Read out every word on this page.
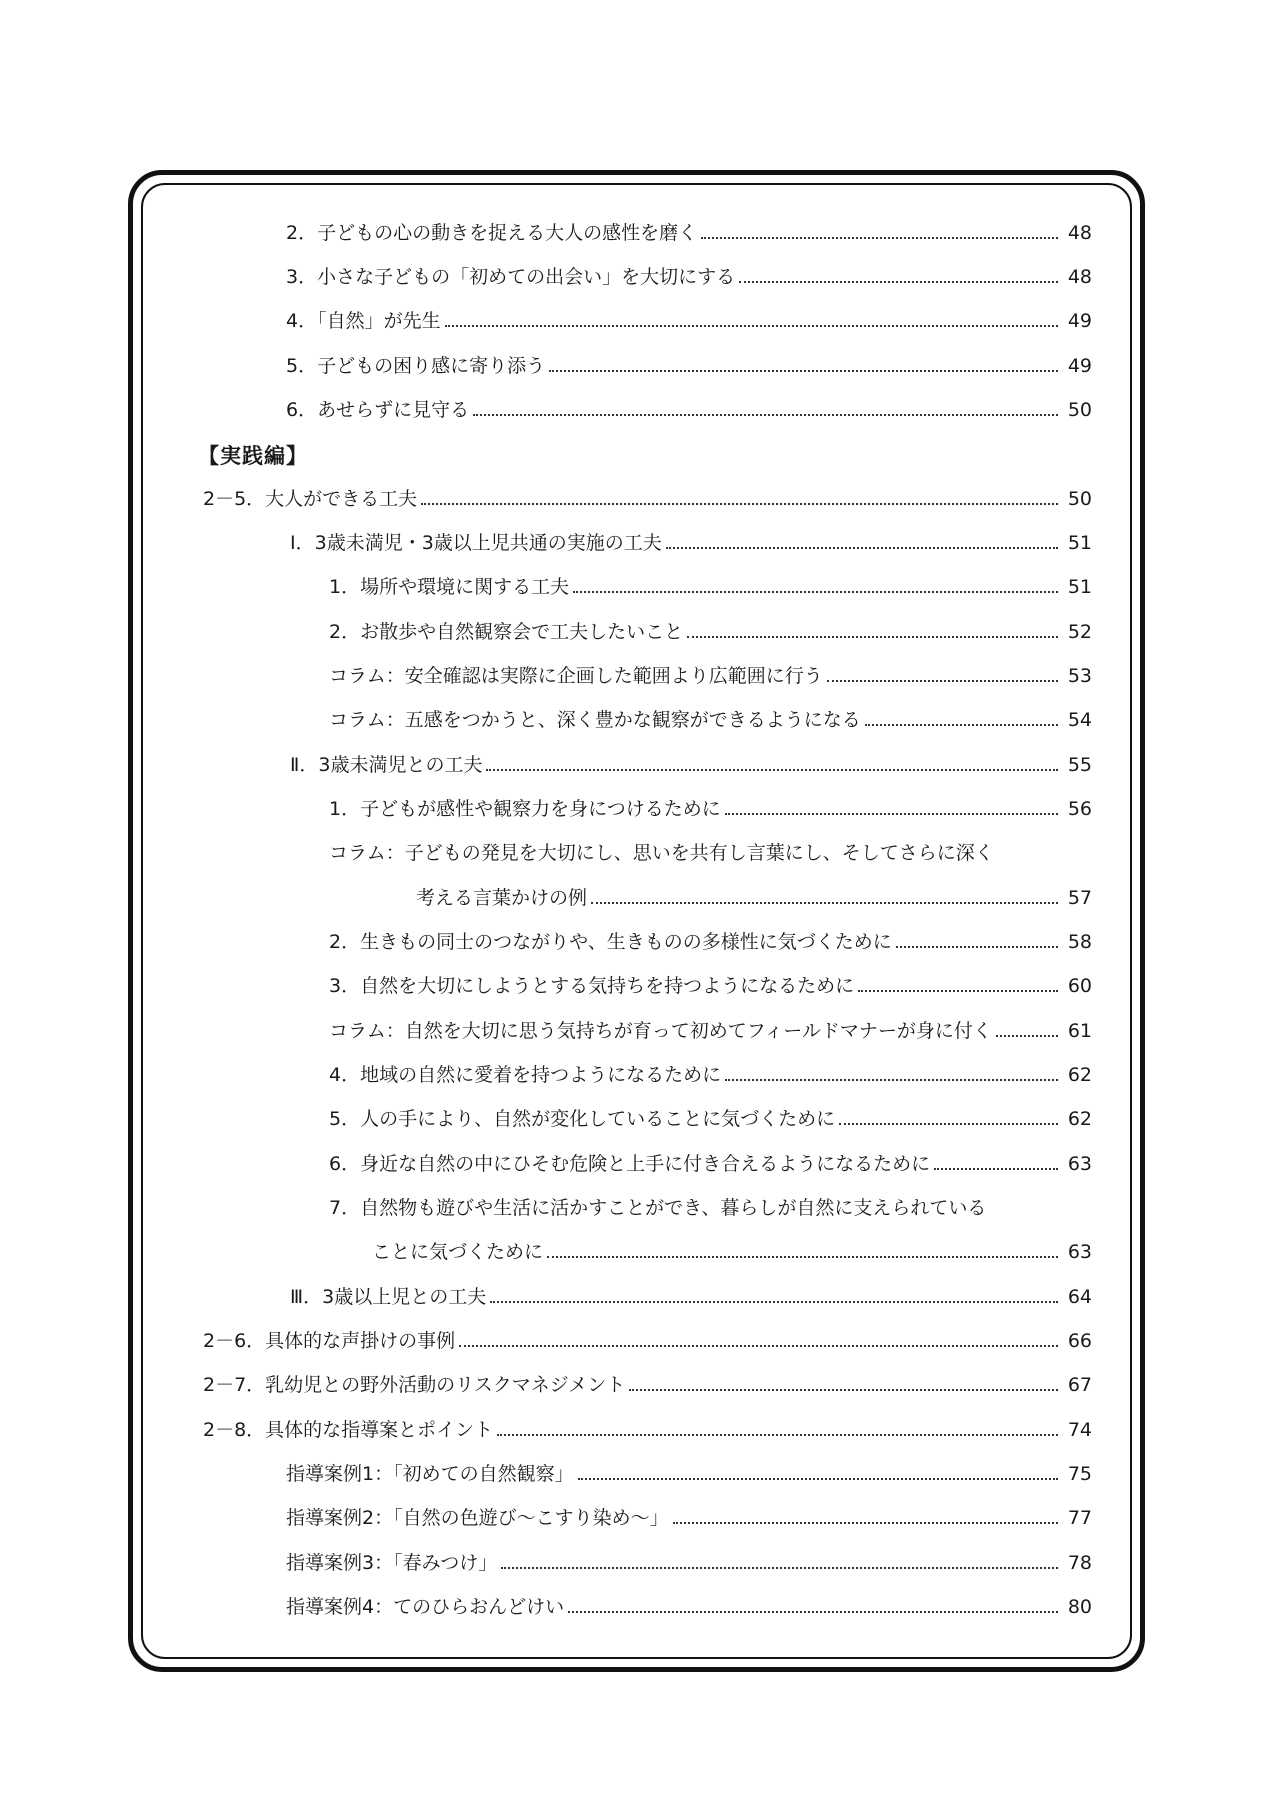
2．子どもの心の動きを捉える大人の感性を磨く	48
3．小さな子どもの「初めての出会い」を大切にする	48
4．「自然」が先生	49
5．子どもの困り感に寄り添う	49
6．あせらずに見守る	50
【実践編】
2－5．大人ができる工夫	50
Ⅰ．3歳未満児・3歳以上児共通の実施の工夫	51
1．場所や環境に関する工夫	51
2．お散歩や自然観察会で工夫したいこと	52
コラム：安全確認は実際に企画した範囲より広範囲に行う	53
コラム：五感をつかうと、深く豊かな観察ができるようになる	54
Ⅱ．3歳未満児との工夫	55
1．子どもが感性や観察力を身につけるために	56
コラム：子どもの発見を大切にし、思いを共有し言葉にし、そしてさらに深く
考える言葉かけの例	57
2．生きもの同士のつながりや、生きものの多様性に気づくために	58
3．自然を大切にしようとする気持ちを持つようになるために	60
コラム：自然を大切に思う気持ちが育って初めてフィールドマナーが身に付く	61
4．地域の自然に愛着を持つようになるために	62
5．人の手により、自然が変化していることに気づくために	62
6．身近な自然の中にひそむ危険と上手に付き合えるようになるために	63
7．自然物も遊びや生活に活かすことができ、暮らしが自然に支えられている
ことに気づくために	63
Ⅲ．3歳以上児との工夫	64
2－6．具体的な声掛けの事例	66
2－7．乳幼児との野外活動のリスクマネジメント	67
2－8．具体的な指導案とポイント	74
指導案例1：「初めての自然観察」	75
指導案例2：「自然の色遊び～こすり染め～」	77
指導案例3：「春みつけ」	78
指導案例4：てのひらおんどけい	80
